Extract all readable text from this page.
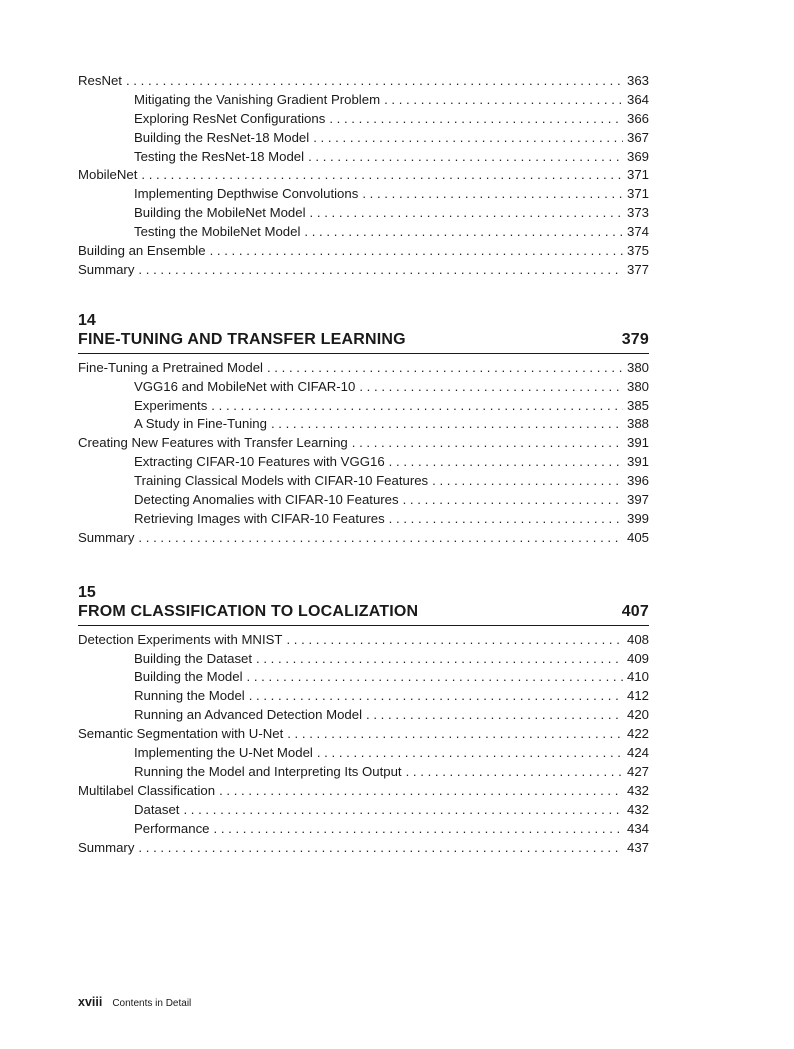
ResNet . . .	363
Mitigating the Vanishing Gradient Problem . . .	364
Exploring ResNet Configurations . . .	366
Building the ResNet-18 Model . . .	367
Testing the ResNet-18 Model . . .	369
MobileNet . . .	371
Implementing Depthwise Convolutions . . .	371
Building the MobileNet Model . . .	373
Testing the MobileNet Model . . .	374
Building an Ensemble . . .	375
Summary . . .	377
14
FINE-TUNING AND TRANSFER LEARNING	379
Fine-Tuning a Pretrained Model . . .	380
VGG16 and MobileNet with CIFAR-10 . . .	380
Experiments . . .	385
A Study in Fine-Tuning . . .	388
Creating New Features with Transfer Learning . . .	391
Extracting CIFAR-10 Features with VGG16 . . .	391
Training Classical Models with CIFAR-10 Features . . .	396
Detecting Anomalies with CIFAR-10 Features . . .	397
Retrieving Images with CIFAR-10 Features . . .	399
Summary . . .	405
15
FROM CLASSIFICATION TO LOCALIZATION	407
Detection Experiments with MNIST . . .	408
Building the Dataset . . .	409
Building the Model . . .	410
Running the Model . . .	412
Running an Advanced Detection Model . . .	420
Semantic Segmentation with U-Net . . .	422
Implementing the U-Net Model . . .	424
Running the Model and Interpreting Its Output . . .	427
Multilabel Classification . . .	432
Dataset . . .	432
Performance . . .	434
Summary . . .	437
xviii Contents in Detail
